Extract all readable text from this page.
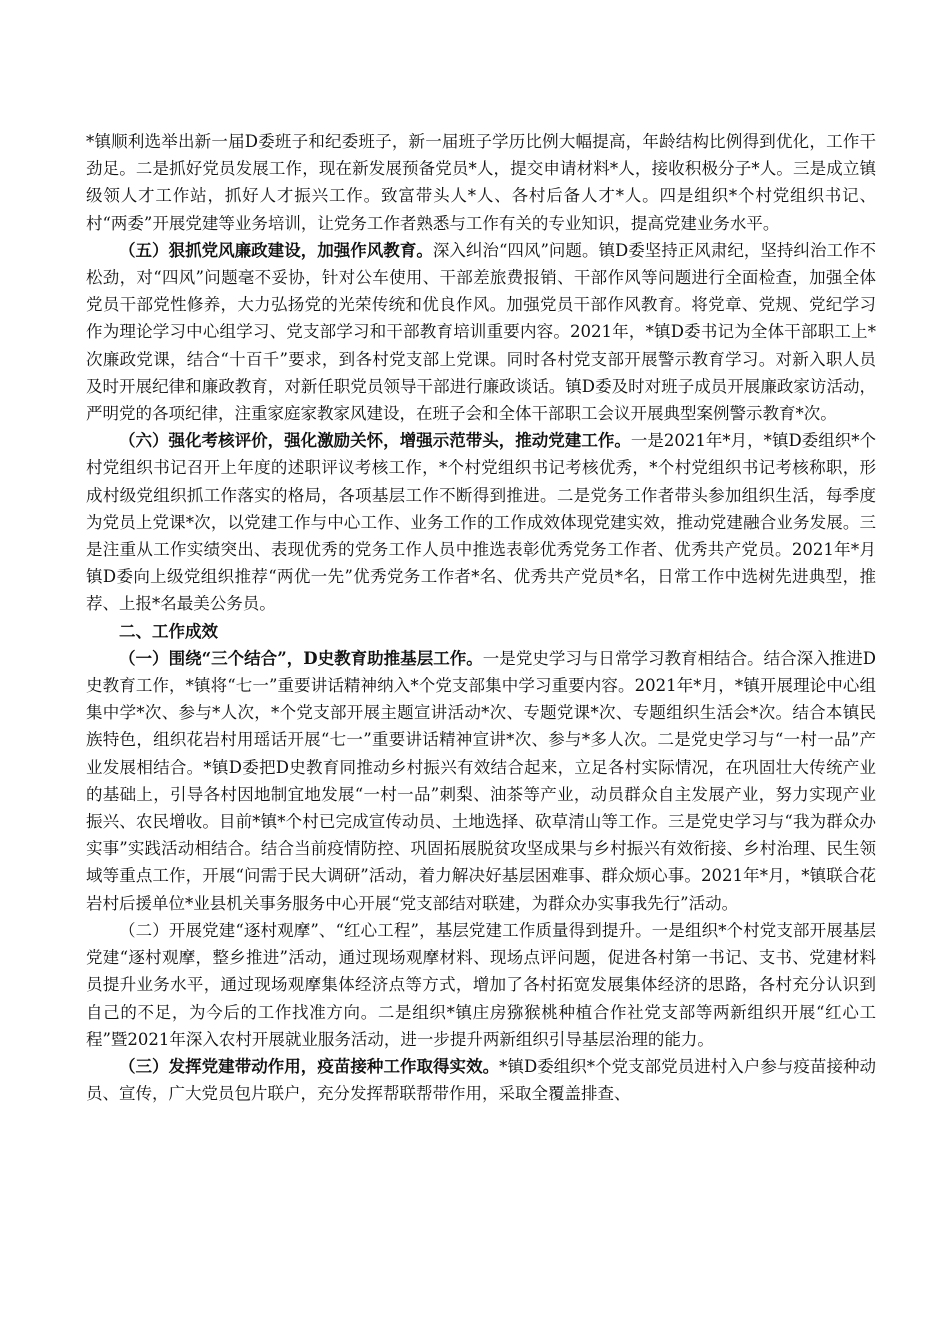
*镇顺利选举出新一届D委班子和纪委班子，新一届班子学历比例大幅提高，年龄结构比例得到优化，工作干劲足。二是抓好党员发展工作，现在新发展预备党员*人，提交申请材料*人，接收积极分子*人。三是成立镇级领人才工作站，抓好人才振兴工作。致富带头人*人、各村后备人才*人。四是组织*个村党组织书记、村“两委”开展党建等业务培训，让党务工作者熟悉与工作有关的专业知识，提高党建业务水平。

（五）狠抓党风廉政建设，加强作风教育。深入纠治“四风”问题。镇D委坚持正风肃纪，坚持纠治工作不松劲，对“四风”问题毫不妥协，针对公车使用、干部差旅费报销、干部作风等问题进行全面检查，加强全体党员干部党性修养，大力弘扬党的光荣传统和优良作风。加强党员干部作风教育。将党章、党规、党纪学习作为理论学习中心组学习、党支部学习和干部教育培训重要内容。2021年，*镇D委书记为全体干部职工上*次廉政党课，结合“十百千”要求，到各村党支部上党课。同时各村党支部开展警示教育学习。对新入职人员及时开展纪律和廉政教育，对新任职党员领导干部进行廉政谈话。镇D委及时对班子成员开展廉政家访活动，严明党的各项纪律，注重家庭家教家风建设，在班子会和全体干部职工会议开展典型案例警示教育*次。

（六）强化考核评价，强化激励关怀，增强示范带头，推动党建工作。一是2021年*月，*镇D委组织*个村党组织书记召开上年度的述职评议考核工作，*个村党组织书记考核优秀，*个村党组织书记考核称职，形成村级党组织抓工作落实的格局，各项基层工作不断得到推进。二是党务工作者带头参加组织生活，每季度为党员上党课*次，以党建工作与中心工作、业务工作的工作成效体现党建实效，推动党建融合业务发展。三是注重从工作实绩突出、表现优秀的党务工作人员中推选表彰优秀党务工作者、优秀共产党员。2021年*月镇D委向上级党组织推荐“两优一先”优秀党务工作者*名、优秀共产党员*名，日常工作中选树先进典型，推荐、上报*名最美公务员。

二、工作成效

（一）围绕“三个结合”，D史教育助推基层工作。一是党史学习与日常学习教育相结合。结合深入推进D史教育工作，*镇将“七一”重要讲话精神纳入*个党支部集中学习重要内容。2021年*月，*镇开展理论中心组集中学*次、参与*人次，*个党支部开展主题宣讲活动*次、专题党课*次、专题组织生活会*次。结合本镇民族特色，组织花岩村用瑶话开展“七一”重要讲话精神宣讲*次、参与*多人次。二是党史学习与“一村一品”产业发展相结合。*镇D委把D史教育同推动乡村振兴有效结合起来，立足各村实际情况，在巩固壮大传统产业的基础上，引导各村因地制宜地发展“一村一品”刺梨、油茶等产业，动员群众自主发展产业，努力实现产业振兴、农民增收。目前*镇*个村已完成宣传动员、土地选择、砍草清山等工作。三是党史学习与“我为群众办实事”实践活动相结合。结合当前疫情防控、巩固拓展脱贫攻坚成果与乡村振兴有效衔接、乡村治理、民生领域等重点工作，开展“问需于民大调研”活动，着力解决好基层困难事、群众烦心事。2021年*月，*镇联合花岩村后援单位*业县机关事务服务中心开展“党支部结对联建，为群众办实事我先行”活动。

（二）开展党建“逐村观摩”、“红心工程”，基层党建工作质量得到提升。一是组织*个村党支部开展基层党建“逐村观摩，整乡推进”活动，通过现场观摩材料、现场点评问题，促进各村第一书记、支书、党建材料员提升业务水平，通过现场观摩集体经济点等方式，增加了各村拓宽发展集体经济的思路，各村充分认识到自己的不足，为今后的工作找准方向。二是组织*镇庄房猕猴桃种植合作社党支部等两新组织开展“红心工程”暨2021年深入农村开展就业服务活动，进一步提升两新组织引导基层治理的能力。

（三）发挥党建带动作用，疫苗接种工作取得实效。*镇D委组织*个党支部党员进村入户参与疫苗接种动员、宣传，广大党员包片联户，充分发挥帮联帮带作用，采取全覆盖排查、
